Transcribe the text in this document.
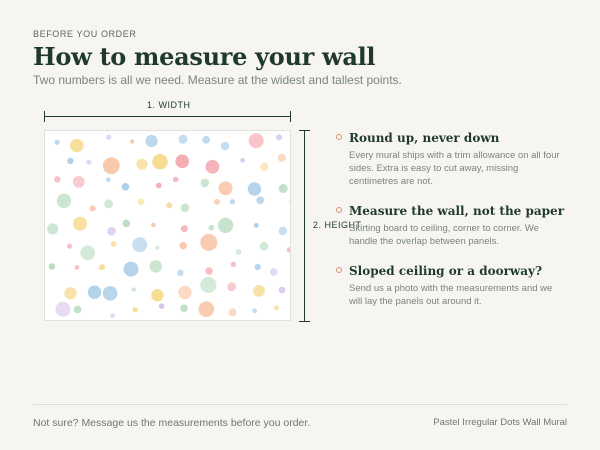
BEFORE YOU ORDER
How to measure your wall
Two numbers is all we need. Measure at the widest and tallest points.
1. WIDTH
2. HEIGHT
Round up, never down
Every mural ships with a trim allowance on all four sides. Extra is easy to cut away, missing centimetres are not.
Measure the wall, not the paper
Skirting board to ceiling, corner to corner. We handle the overlap between panels.
Sloped ceiling or a doorway?
Send us a photo with the measurements and we will lay the panels out around it.
Not sure? Message us the measurements before you order.	Pastel Irregular Dots Wall Mural
